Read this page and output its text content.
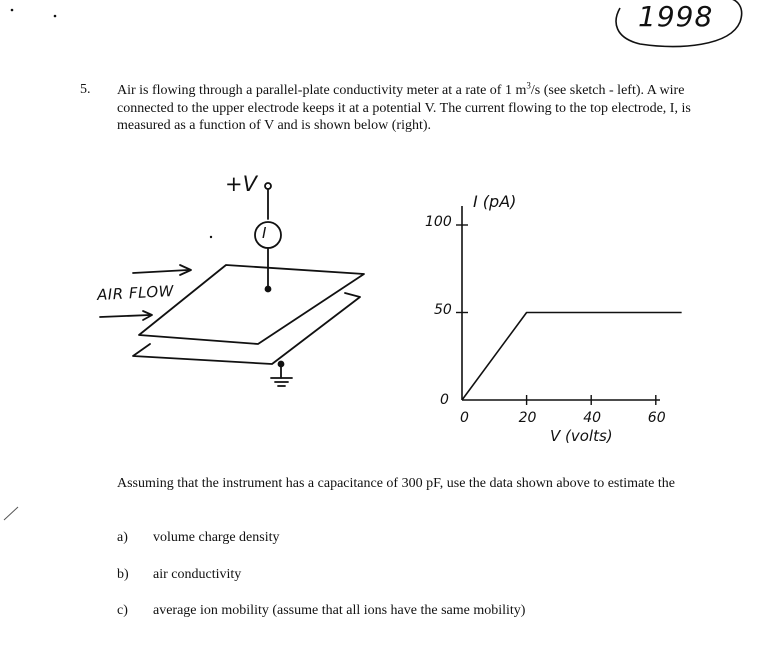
1998
5. Air is flowing through a parallel-plate conductivity meter at a rate of 1 $m^3/s$ (see sketch - left). A wire connected to the upper electrode keeps it at a potential V. The current flowing to the top electrode, I, is measured as a function of V and is shown below (right).
+V
I
AIR FLOW
0	20	40	60
0
50
100
I (pA)
V (volts)
Assuming that the instrument has a capacitance of 300 pF, use the data shown above to estimate the
a) volume charge density
b) air conductivity
c) average ion mobility (assume that all ions have the same mobility)
